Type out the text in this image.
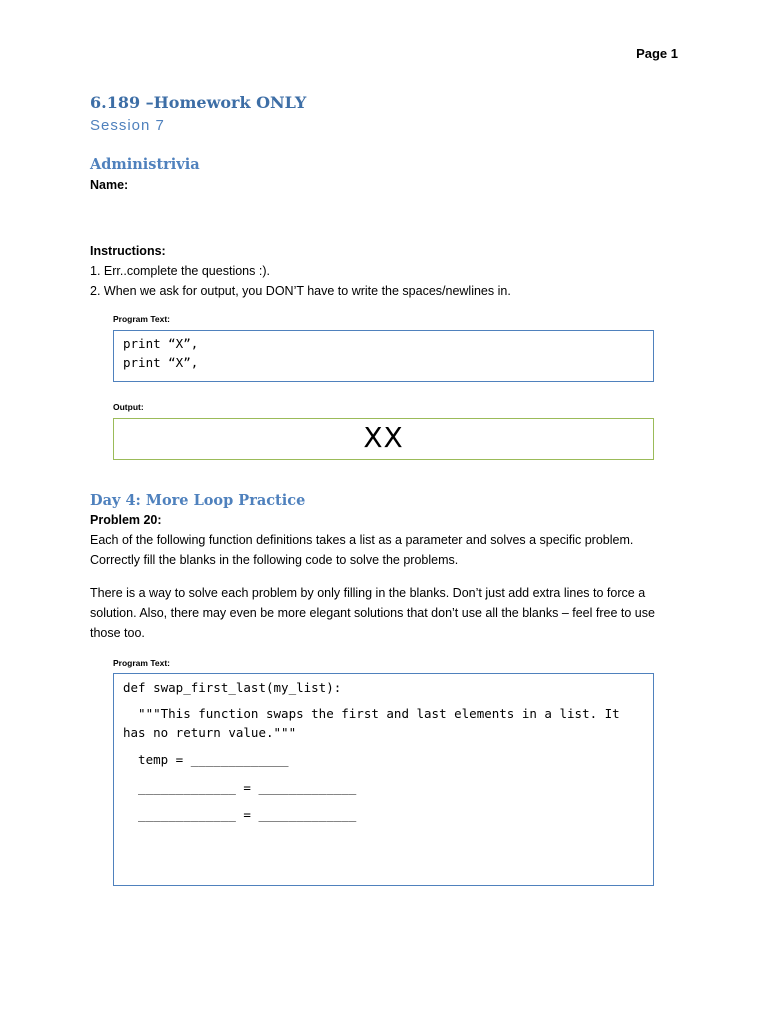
Page 1
6.189 –Homework ONLY
Session 7
Administrivia
Name:
Instructions:
1. Err..complete the questions :).
2. When we ask for output, you DON’T have to write the spaces/newlines in.
Program Text:
print “X”,
print “X”,
Output:
XX
Day 4: More Loop Practice
Problem 20:
Each of the following function definitions takes a list as a parameter and solves a specific problem.
Correctly fill the blanks in the following code to solve the problems.
There is a way to solve each problem by only filling in the blanks. Don’t just add extra lines to force a
solution. Also, there may even be more elegant solutions that don’t use all the blanks – feel free to use
those too.
Program Text:
def swap_first_last(my_list):
"""This function swaps the first and last elements in a list. It
has no return value."""
temp = _____________
_____________ = _____________
_____________ = _____________
